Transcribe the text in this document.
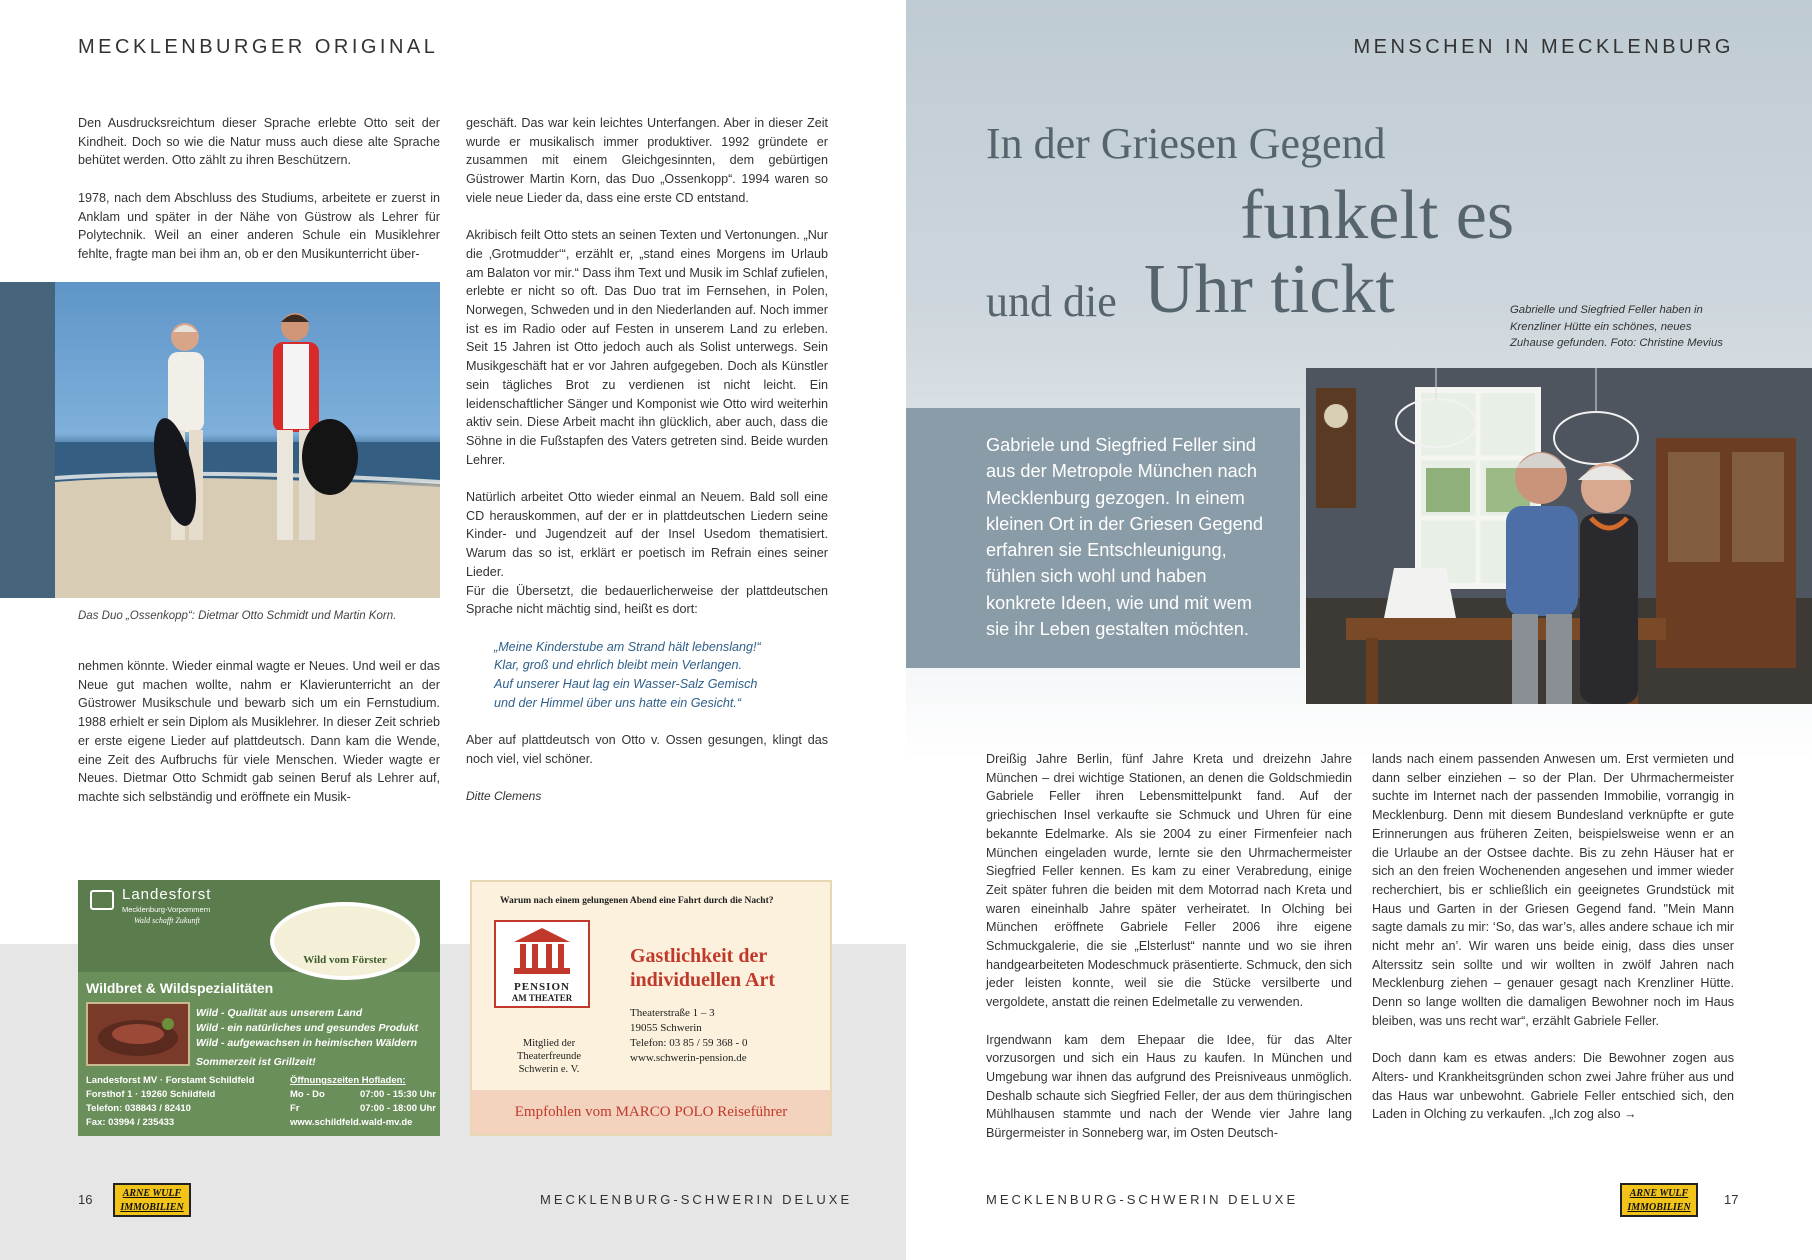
MECKLENBURGER ORIGINAL

Den Ausdrucksreichtum dieser Sprache erlebte Otto seit der Kindheit. Doch so wie die Natur muss auch diese alte Sprache behütet werden. Otto zählt zu ihren Beschützern.

1978, nach dem Abschluss des Studiums, arbeitete er zuerst in Anklam und später in der Nähe von Güstrow als Lehrer für Polytechnik. Weil an einer anderen Schule ein Musiklehrer fehlte, fragte man bei ihm an, ob er den Musikunterricht über-

Das Duo „Ossenkopp“: Dietmar Otto Schmidt und Martin Korn.

nehmen könnte. Wieder einmal wagte er Neues. Und weil er das Neue gut machen wollte, nahm er Klavierunterricht an der Güstrower Musikschule und bewarb sich um ein Fernstudium. 1988 erhielt er sein Diplom als Musiklehrer. In dieser Zeit schrieb er erste eigene Lieder auf plattdeutsch. Dann kam die Wende, eine Zeit des Aufbruchs für viele Menschen. Wieder wagte er Neues. Dietmar Otto Schmidt gab seinen Beruf als Lehrer auf, machte sich selbständig und eröffnete ein Musik-

geschäft. Das war kein leichtes Unterfangen. Aber in dieser Zeit wurde er musikalisch immer produktiver. 1992 gründete er zusammen mit einem Gleichgesinnten, dem gebürtigen Güstrower Martin Korn, das Duo „Ossenkopp“. 1994 waren so viele neue Lieder da, dass eine erste CD entstand.

Akribisch feilt Otto stets an seinen Texten und Vertonungen. „Nur die ‚Grotmudder‘“, erzählt er, „stand eines Morgens im Urlaub am Balaton vor mir.“ Dass ihm Text und Musik im Schlaf zufielen, erlebte er nicht so oft. Das Duo trat im Fernsehen, in Polen, Norwegen, Schweden und in den Niederlanden auf. Noch immer ist es im Radio oder auf Festen in unserem Land zu erleben. Seit 15 Jahren ist Otto jedoch auch als Solist unterwegs. Sein Musikgeschäft hat er vor Jahren aufgegeben. Doch als Künstler sein tägliches Brot zu verdienen ist nicht leicht. Ein leidenschaftlicher Sänger und Komponist wie Otto wird weiterhin aktiv sein. Diese Arbeit macht ihn glücklich, aber auch, dass die Söhne in die Fußstapfen des Vaters getreten sind. Beide wurden Lehrer.

Natürlich arbeitet Otto wieder einmal an Neuem. Bald soll eine CD herauskommen, auf der er in plattdeutschen Liedern seine Kinder- und Jugendzeit auf der Insel Usedom thematisiert. Warum das so ist, erklärt er poetisch im Refrain eines seiner Lieder.

Für die Übersetzt, die bedauerlicherweise der plattdeutschen Sprache nicht mächtig sind, heißt es dort:

„Meine Kinderstube am Strand hält lebenslang!“
Klar, groß und ehrlich bleibt mein Verlangen.
Auf unserer Haut lag ein Wasser-Salz Gemisch
und der Himmel über uns hatte ein Gesicht.“

Aber auf plattdeutsch von Otto v. Ossen gesungen, klingt das noch viel, viel schöner.

Ditte Clemens

Landesforst
Mecklenburg-Vorpommern
Wald schafft Zukunft
Wild vom Förster
Wildbret & Wildspezialitäten
Wild - Qualität aus unserem Land
Wild - ein natürliches und gesundes Produkt
Wild - aufgewachsen in heimischen Wäldern
Sommerzeit ist Grillzeit!
Landesforst MV · Forstamt Schildfeld
Forsthof 1 · 19260 Schildfeld
Telefon: 038843 / 82410
Fax: 03994 / 235433
Öffnungszeiten Hofladen:
Mo - Do	07:00 - 15:30 Uhr
Fr	07:00 - 18:00 Uhr
www.schildfeld.wald-mv.de
Warum nach einem gelungenen Abend eine Fahrt durch die Nacht?
PENSION
AM THEATER
Mitglied der
Theaterfreunde
Schwerin e. V.
Gastlichkeit der
individuellen Art
Theaterstraße 1 – 3
19055 Schwerin
Telefon: 03 85 / 59 368 - 0
www.schwerin-pension.de
Empfohlen vom MARCO POLO Reiseführer
16	ARNE WULF
IMMOBILIEN
MECKLENBURG-SCHWERIN DELUXE
MENSCHEN IN MECKLENBURG
In der Griesen Gegend
funkelt es
und die Uhr tickt	Gabrielle und Siegfried Feller haben in
Krenzliner Hütte ein schönes, neues
Zuhause gefunden. Foto: Christine Mevius
Gabriele und Siegfried Feller sind aus der Metropole München nach Mecklenburg gezogen. In einem kleinen Ort in der Griesen Gegend erfahren sie Entschleunigung, fühlen sich wohl und haben konkrete Ideen, wie und mit wem sie ihr Leben gestalten möchten.

Dreißig Jahre Berlin, fünf Jahre Kreta und dreizehn Jahre München – drei wichtige Stationen, an denen die Goldschmiedin Gabriele Feller ihren Lebensmittelpunkt fand. Auf der griechischen Insel verkaufte sie Schmuck und Uhren für eine bekannte Edelmarke. Als sie 2004 zu einer Firmenfeier nach München eingeladen wurde, lernte sie den Uhrmachermeister Siegfried Feller kennen. Es kam zu einer Verabredung, einige Zeit später fuhren die beiden mit dem Motorrad nach Kreta und waren eineinhalb Jahre später verheiratet. In Olching bei München eröffnete Gabriele Feller 2006 ihre eigene Schmuckgalerie, die sie „Elsterlust“ nannte und wo sie ihren handgearbeiteten Modeschmuck präsentierte. Schmuck, den sich jeder leisten konnte, weil sie die Stücke versilberte und vergoldete, anstatt die reinen Edelmetalle zu verwenden.

Irgendwann kam dem Ehepaar die Idee, für das Alter vorzusorgen und sich ein Haus zu kaufen. In München und Umgebung war ihnen das aufgrund des Preisniveaus unmöglich. Deshalb schaute sich Siegfried Feller, der aus dem thüringischen Mühlhausen stammte und nach der Wende vier Jahre lang Bürgermeister in Sonneberg war, im Osten Deutsch-

lands nach einem passenden Anwesen um. Erst vermieten und dann selber einziehen – so der Plan. Der Uhrmachermeister suchte im Internet nach der passenden Immobilie, vorrangig in Mecklenburg. Denn mit diesem Bundesland verknüpfte er gute Erinnerungen aus früheren Zeiten, beispielsweise wenn er an die Urlaube an der Ostsee dachte. Bis zu zehn Häuser hat er sich an den freien Wochenenden angesehen und immer wieder recherchiert, bis er schließlich ein geeignetes Grundstück mit Haus und Garten in der Griesen Gegend fand. "Mein Mann sagte damals zu mir: ‘So, das war’s, alles andere schaue ich mir nicht mehr an’. Wir waren uns beide einig, dass dies unser Alterssitz sein sollte und wir wollten in zwölf Jahren nach Mecklenburg ziehen – genauer gesagt nach Krenzliner Hütte. Denn so lange wollten die damaligen Bewohner noch im Haus bleiben, was uns recht war“, erzählt Gabriele Feller.

Doch dann kam es etwas anders: Die Bewohner zogen aus Alters- und Krankheitsgründen schon zwei Jahre früher aus und das Haus war unbewohnt. Gabriele Feller entschied sich, den Laden in Olching zu verkaufen. „Ich zog also →

MECKLENBURG-SCHWERIN DELUXE	ARNE WULF
IMMOBILIEN
17
